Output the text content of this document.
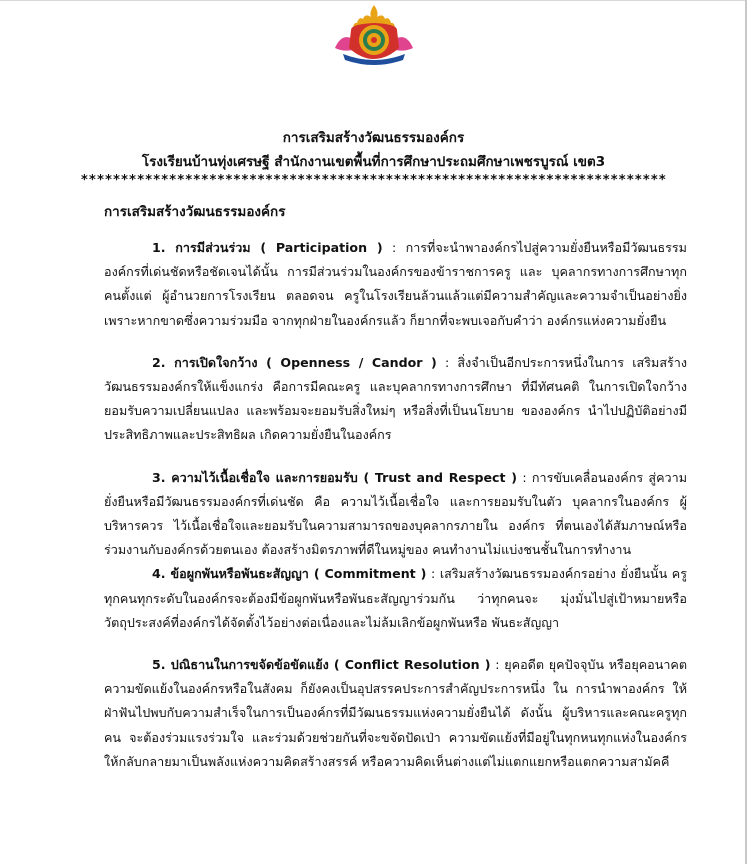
การเสริมสร้างวัฒนธรรมองค์กร
โรงเรียนบ้านทุ่งเศรษฐี สำนักงานเขตพื้นที่การศึกษาประถมศึกษาเพชรบูรณ์ เขต3
*************************************************************************
การเสริมสร้างวัฒนธรรมองค์กร

1. การมีส่วนร่วม ( Participation ) : การที่จะนำพาองค์กรไปสู่ความยั่งยืนหรือมีวัฒนธรรมองค์กรที่เด่นชัดหรือชัดเจนได้นั้น การมีส่วนร่วมในองค์กรของข้าราชการครู และ บุคลากรทางการศึกษาทุกคนตั้งแต่ ผู้อำนวยการโรงเรียน ตลอดจน ครูในโรงเรียนล้วนแล้วแต่มีความสำคัญและความจำเป็นอย่างยิ่ง เพราะหากขาดซึ่งความร่วมมือ จากทุกฝ่ายในองค์กรแล้ว ก็ยากที่จะพบเจอกับคำว่า องค์กรแห่งความยั่งยืน

2. การเปิดใจกว้าง ( Openness / Candor ) : สิ่งจำเป็นอีกประการหนึ่งในการ เสริมสร้างวัฒนธรรมองค์กรให้แข็งแกร่ง คือการมีคณะครู และบุคลากรทางการศึกษา ที่มีทัศนคติ ในการเปิดใจกว้างยอมรับความเปลี่ยนแปลง และพร้อมจะยอมรับสิ่งใหม่ๆ หรือสิ่งที่เป็นนโยบาย ขององค์กร นำไปปฏิบัติอย่างมีประสิทธิภาพและประสิทธิผล เกิดความยั่งยืนในองค์กร

3. ความไว้เนื้อเชื่อใจ และการยอมรับ ( Trust and Respect ) : การขับเคลื่อนองค์กร สู่ความยั่งยืนหรือมีวัฒนธรรมองค์กรที่เด่นชัด คือ ความไว้เนื้อเชื่อใจ และการยอมรับในตัว บุคลากรในองค์กร ผู้บริหารควร ไว้เนื้อเชื่อใจและยอมรับในความสามารถของบุคลากรภายใน องค์กร ที่ตนเองได้สัมภาษณ์หรือร่วมงานกับองค์กรด้วยตนเอง ต้องสร้างมิตรภาพที่ดีในหมู่ของ คนทำงานไม่แบ่งชนชั้นในการทำงาน

4. ข้อผูกพันหรือพันธะสัญญา ( Commitment ) : เสริมสร้างวัฒนธรรมองค์กรอย่าง ยั่งยืนนั้น ครูทุกคนทุกระดับในองค์กรจะต้องมีข้อผูกพันหรือพันธะสัญญาร่วมกัน ว่าทุกคนจะ มุ่งมั่นไปสู่เป้าหมายหรือวัตถุประสงค์ที่องค์กรได้จัดตั้งไว้อย่างต่อเนื่องและไม่ล้มเลิกข้อผูกพันหรือ พันธะสัญญา

5. ปณิธานในการขจัดข้อขัดแย้ง ( Conflict Resolution ) : ยุคอดีต ยุคปัจจุบัน หรือยุคอนาคต ความขัดแย้งในองค์กรหรือในสังคม ก็ยังคงเป็นอุปสรรคประการสำคัญประการหนึ่ง ใน การนำพาองค์กร ให้ฝ่าฟันไปพบกับความสำเร็จในการเป็นองค์กรที่มีวัฒนธรรมแห่งความยั่งยืนได้ ดังนั้น ผู้บริหารและคณะครูทุกคน จะต้องร่วมแรงร่วมใจ และร่วมด้วยช่วยกันที่จะขจัดปัดเป่า ความขัดแย้งที่มีอยู่ในทุกหนทุกแห่งในองค์กร ให้กลับกลายมาเป็นพลังแห่งความคิดสร้างสรรค์ หรือความคิดเห็นต่างแต่ไม่แตกแยกหรือแตกความสามัคคี
